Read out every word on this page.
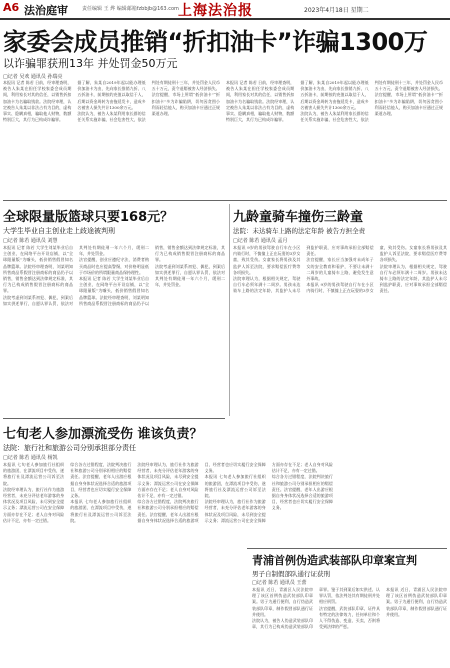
A6 法治庭审	责任编辑 王 烨 编辑邮箱fzbbjb@163.com 上海法治报	2023年4月18日 星期二
家委会成员推销“折扣油卡”诈骗1300万
以诈骗罪获刑13年 并处罚金50万元
□记者 吴欢 通讯员 孙瑞亮

本报讯 记者 陈若 日前，经审理查明，被告人朱某在担任学校家委会成员期间，利用家长对其的信任，以销售折扣加油卡为名骗取钱款。法院经审理，认定被告人朱某以非法占有为目的，虚构事实、隐瞒真相，骗取他人财物，数额特别巨大，其行为已构成诈骗罪。

据了解，朱某自2019年起以能办理低价加油卡为由，先向家长推销九折、八五折油卡，前期按约充值以取信于人，后期以资金周转为由拖延发卡，造成多名被害人损失共计1300余万元。

法院认为，被告人朱某利用家长群的信任关系实施诈骗，社会危害性大，依法判处有期徒刑十三年，并处罚金人民币五十万元，责令退赔被害人经济损失。

法官提醒，市场上所谓“低价油卡”“折扣油卡”多为诈骗陷阱，切勿因贪图小利而轻信他人，购买加油卡应通过正规渠道办理。

本报讯 记者 陈若 日前，经审理查明，被告人朱某在担任学校家委会成员期间，利用家长对其的信任，以销售折扣加油卡为名骗取钱款。法院经审理，认定被告人朱某以非法占有为目的，虚构事实、隐瞒真相，骗取他人财物，数额特别巨大，其行为已构成诈骗罪。

据了解，朱某自2019年起以能办理低价加油卡为由，先向家长推销九折、八五折油卡，前期按约充值以取信于人，后期以资金周转为由拖延发卡，造成多名被害人损失共计1300余万元。

法院认为，被告人朱某利用家长群的信任关系实施诈骗，社会危害性大，依法判处有期徒刑十三年，并处罚金人民币五十万元，责令退赔被害人经济损失。

法官提醒，市场上所谓“低价油卡”“折扣油卡”多为诈骗陷阱，切勿因贪图小利而轻信他人，购买加油卡应通过正规渠道办理。

全球限量版篮球只要168元？
大学生毕业自主创业走上歧途被判刑
□记者 陈若 通讯员 刘慧

本报讯 记者 陈若 大学生刘某毕业后自主创业，在网络平台开设店铺，以“全球限量版”为噱头，低价销售假冒知名品牌篮球。法院经审理查明，刘某明知所售商品系假冒注册商标的商品仍予以销售，销售金额达到法律规定标准，其行为已构成销售假冒注册商标的商品罪。

法院考虑到刘某系初犯、偶犯，到案后如实供述罪行，自愿认罪认罚，依法对其判处有期徒刑一年六个月，缓刑二年，并处罚金。

法官提醒，创业应遵纪守法，消费者购买商品时也应提高警惕，对价格明显低于市场价的所谓限量商品保持理性。

本报讯 记者 陈若 大学生刘某毕业后自主创业，在网络平台开设店铺，以“全球限量版”为噱头，低价销售假冒知名品牌篮球。法院经审理查明，刘某明知所售商品系假冒注册商标的商品仍予以销售，销售金额达到法律规定标准，其行为已构成销售假冒注册商标的商品罪。

法院考虑到刘某系初犯、偶犯，到案后如实供述罪行，自愿认罪认罚，依法对其判处有期徒刑一年六个月，缓刑二年，并处罚金。

九龄童骑车撞伤三龄童
法院：未达骑车上路的法定年龄 被告方担全责
□记者 陈若 通讯员 孟月

本报讯 9岁的男孩驾驶自行车在小区内骑行时，不慎撞上正在玩耍的3岁女童，致其受伤。女童家长将男孩及其监护人诉至法院，要求赔偿医疗费等各项损失。

法院审理认为，根据相关规定，驾驶自行车必须年满十二周岁。男孩未达骑车上路的法定年龄，其监护人未尽到监护职责，应对事故承担全部赔偿责任。

法官提醒，家长应当加强对未成年子女的安全教育和看护，不要让未满十二周岁的儿童骑车上路，避免发生意外事故。

本报讯 9岁的男孩驾驶自行车在小区内骑行时，不慎撞上正在玩耍的3岁女童，致其受伤。女童家长将男孩及其监护人诉至法院，要求赔偿医疗费等各项损失。

法院审理认为，根据相关规定，驾驶自行车必须年满十二周岁。男孩未达骑车上路的法定年龄，其监护人未尽到监护职责，应对事故承担全部赔偿责任。

七旬老人参加漂流受伤 谁该负责？
法院：旅行社和旅游公司分别承担部分责任
□记者 陈若 通讯员 杨凯

本报讯 七旬老人参加旅行社组织的旅游团，在漂流项目中受伤，遂将旅行社及漂流运营公司诉至法院。

法院经审理认为，旅行社作为旅游经营者，未充分评估老年游客的身体状况及项目风险，未尽到安全提示义务；漂流运营公司在安全保障方面亦存在不足；老人自身对风险估计不足，亦有一定过错。

综合各方过错程度，法院判决旅行社和旅游公司分别承担相应的赔偿责任。法官提醒，老年人出游应根据自身身体状况选择合适的旅游项目，经营者也应切实履行安全保障义务。

本报讯 七旬老人参加旅行社组织的旅游团，在漂流项目中受伤，遂将旅行社及漂流运营公司诉至法院。

法院经审理认为，旅行社作为旅游经营者，未充分评估老年游客的身体状况及项目风险，未尽到安全提示义务；漂流运营公司在安全保障方面亦存在不足；老人自身对风险估计不足，亦有一定过错。

综合各方过错程度，法院判决旅行社和旅游公司分别承担相应的赔偿责任。法官提醒，老年人出游应根据自身身体状况选择合适的旅游项目，经营者也应切实履行安全保障义务。

本报讯 七旬老人参加旅行社组织的旅游团，在漂流项目中受伤，遂将旅行社及漂流运营公司诉至法院。

法院经审理认为，旅行社作为旅游经营者，未充分评估老年游客的身体状况及项目风险，未尽到安全提示义务；漂流运营公司在安全保障方面亦存在不足；老人自身对风险估计不足，亦有一定过错。

综合各方过错程度，法院判决旅行社和旅游公司分别承担相应的赔偿责任。法官提醒，老年人出游应根据自身身体状况选择合适的旅游项目，经营者也应切实履行安全保障义务。

青浦首例伪造武装部队印章案宣判
男子自制假部队通行证获刑
□记者 陈若 通讯员 王蕾

本报讯 近日，青浦区人民法院审理了该区首例伪造武装部队印章案。男子为通行便利，自行伪造武装部队印章，制作假冒部队通行证并使用。

法院认为，被告人伪造武装部队印章，其行为已构成伪造武装部队印章罪。鉴于其到案后如实供述、认罪认罚，依法判处其有期徒刑并处相应刑罚。

法官提醒，武装部队印章、证件具有特定的法律效力，任何单位和个人不得伪造、变造、买卖，否则将受到法律的严惩。

本报讯 近日，青浦区人民法院审理了该区首例伪造武装部队印章案。男子为通行便利，自行伪造武装部队印章，制作假冒部队通行证并使用。
